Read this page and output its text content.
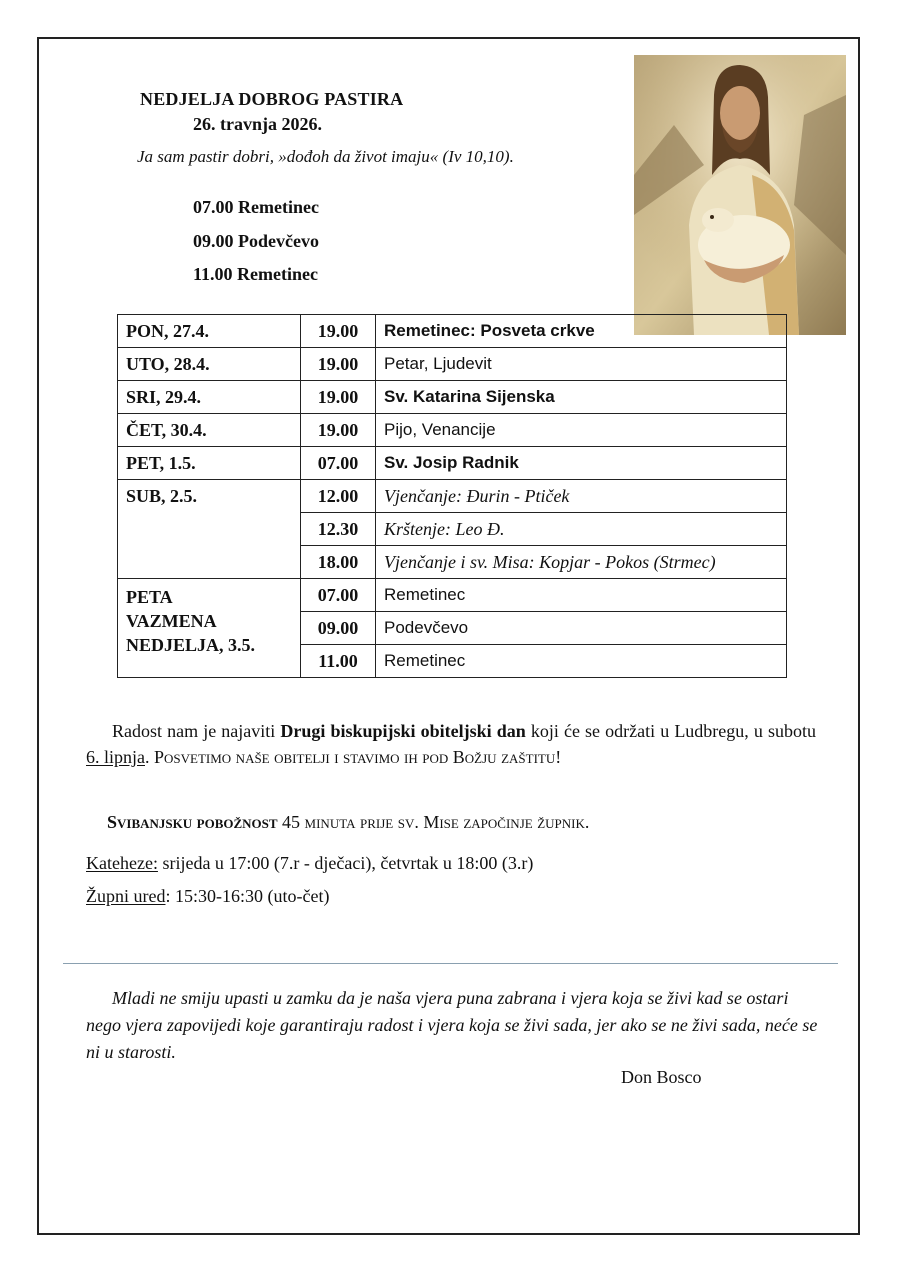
NEDJELJA DOBROG PASTIRA
26. travnja 2026.
Ja sam pastir dobri, »dođoh da život imaju« (Iv 10,10).
07.00 Remetinec
09.00 Podevčevo
11.00 Remetinec
PON, 27.4.	19.00	Remetinec: Posveta crkve
UTO, 28.4.	19.00	Petar, Ljudevit
SRI, 29.4.	19.00	Sv. Katarina Sijenska
ČET, 30.4.	19.00	Pijo, Venancije
PET, 1.5.	07.00	Sv. Josip Radnik
SUB, 2.5.	12.00	Vjenčanje: Đurin - Ptiček
	12.30	Krštenje: Leo Đ.
	18.00	Vjenčanje i sv. Misa: Kopjar - Pokos (Strmec)

PETA
VAZMENA
NEDJELJA, 3.5.	07.00	Remetinec
	09.00	Podevčevo
	11.00	Remetinec
Radost nam je najaviti Drugi biskupijski obiteljski dan koji će se održati u Ludbregu, u subotu 6. lipnja. Posvetimo naše obitelji i stavimo ih pod Božju zaštitu!
Svibanjsku pobožnost 45 minuta prije sv. Mise započinje župnik.
Kateheze: srijeda u 17:00 (7.r - dječaci), četvrtak u 18:00 (3.r)
Župni ured: 15:30-16:30 (uto-čet)
Mladi ne smiju upasti u zamku da je naša vjera puna zabrana i vjera koja se živi kad se ostari nego vjera zapovijedi koje garantiraju radost i vjera koja se živi sada, jer ako se ne živi sada, neće se ni u starosti.
Don Bosco
